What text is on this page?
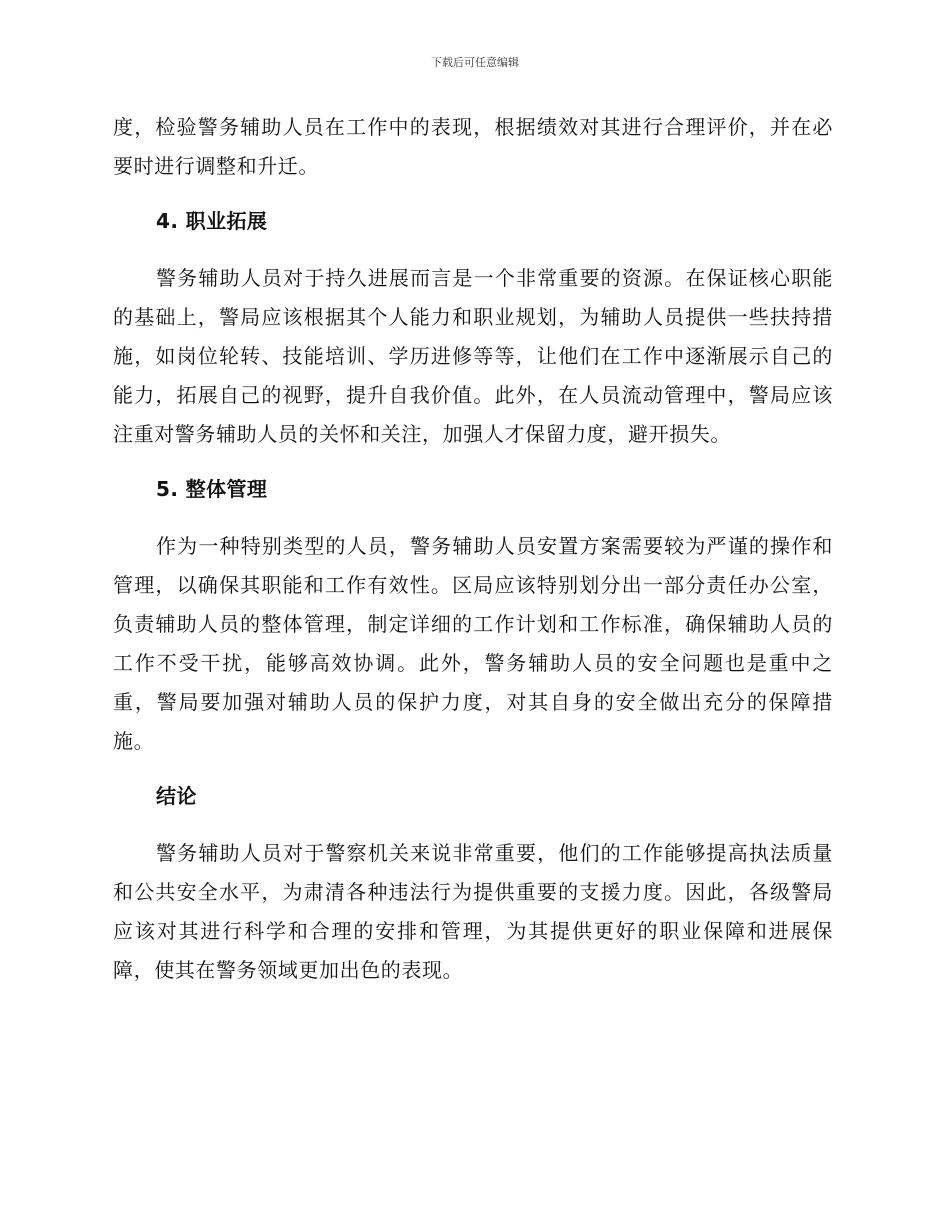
下载后可任意编辑

度，检验警务辅助人员在工作中的表现，根据绩效对其进行合理评价，并在必要时进行调整和升迁。

4. 职业拓展

警务辅助人员对于持久进展而言是一个非常重要的资源。在保证核心职能的基础上，警局应该根据其个人能力和职业规划，为辅助人员提供一些扶持措施，如岗位轮转、技能培训、学历进修等等，让他们在工作中逐渐展示自己的能力，拓展自己的视野，提升自我价值。此外，在人员流动管理中，警局应该注重对警务辅助人员的关怀和关注，加强人才保留力度，避开损失。

5. 整体管理

作为一种特别类型的人员，警务辅助人员安置方案需要较为严谨的操作和管理，以确保其职能和工作有效性。区局应该特别划分出一部分责任办公室，负责辅助人员的整体管理，制定详细的工作计划和工作标准，确保辅助人员的工作不受干扰，能够高效协调。此外，警务辅助人员的安全问题也是重中之重，警局要加强对辅助人员的保护力度，对其自身的安全做出充分的保障措施。

结论

警务辅助人员对于警察机关来说非常重要，他们的工作能够提高执法质量和公共安全水平，为肃清各种违法行为提供重要的支援力度。因此，各级警局应该对其进行科学和合理的安排和管理，为其提供更好的职业保障和进展保障，使其在警务领域更加出色的表现。
